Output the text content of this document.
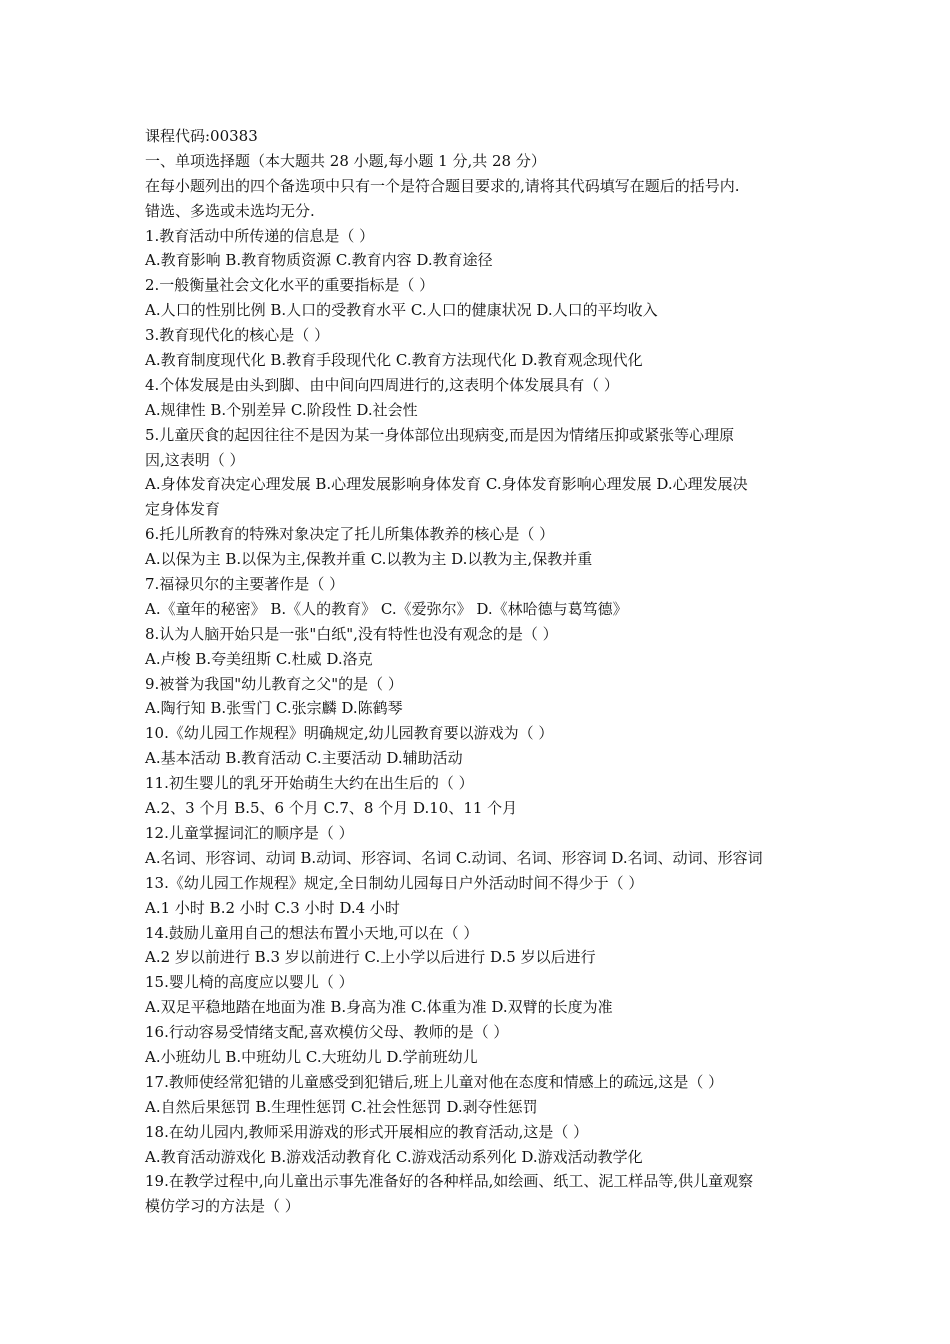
课程代码:00383
一、单项选择题（本大题共 28 小题,每小题 1 分,共 28 分）
在每小题列出的四个备选项中只有一个是符合题目要求的,请将其代码填写在题后的括号内.
错选、多选或未选均无分.
1.教育活动中所传递的信息是（ ）
A.教育影响 B.教育物质资源 C.教育内容 D.教育途径
2.一般衡量社会文化水平的重要指标是（ ）
A.人口的性别比例 B.人口的受教育水平 C.人口的健康状况 D.人口的平均收入
3.教育现代化的核心是（ ）
A.教育制度现代化 B.教育手段现代化 C.教育方法现代化 D.教育观念现代化
4.个体发展是由头到脚、由中间向四周进行的,这表明个体发展具有（ ）
A.规律性 B.个别差异 C.阶段性 D.社会性
5.儿童厌食的起因往往不是因为某一身体部位出现病变,而是因为情绪压抑或紧张等心理原
因,这表明（ ）
A.身体发育决定心理发展 B.心理发展影响身体发育 C.身体发育影响心理发展 D.心理发展决
定身体发育
6.托儿所教育的特殊对象决定了托儿所集体教养的核心是（ ）
A.以保为主 B.以保为主,保教并重 C.以教为主 D.以教为主,保教并重
7.福禄贝尔的主要著作是（ ）
A.《童年的秘密》 B.《人的教育》 C.《爱弥尔》 D.《林哈德与葛笃德》
8.认为人脑开始只是一张"白纸",没有特性也没有观念的是（ ）
A.卢梭 B.夸美纽斯 C.杜威 D.洛克
9.被誉为我国"幼儿教育之父"的是（ ）
A.陶行知 B.张雪门 C.张宗麟 D.陈鹤琴
10.《幼儿园工作规程》明确规定,幼儿园教育要以游戏为（ ）
A.基本活动 B.教育活动 C.主要活动 D.辅助活动
11.初生婴儿的乳牙开始萌生大约在出生后的（ ）
A.2、3 个月 B.5、6 个月 C.7、8 个月 D.10、11 个月
12.儿童掌握词汇的顺序是（ ）
A.名词、形容词、动词 B.动词、形容词、名词 C.动词、名词、形容词 D.名词、动词、形容词
13.《幼儿园工作规程》规定,全日制幼儿园每日户外活动时间不得少于（ ）
A.1 小时 B.2 小时 C.3 小时 D.4 小时
14.鼓励儿童用自己的想法布置小天地,可以在（ ）
A.2 岁以前进行 B.3 岁以前进行 C.上小学以后进行 D.5 岁以后进行
15.婴儿椅的高度应以婴儿（ ）
A.双足平稳地踏在地面为准 B.身高为准 C.体重为准 D.双臂的长度为准
16.行动容易受情绪支配,喜欢模仿父母、教师的是（ ）
A.小班幼儿 B.中班幼儿 C.大班幼儿 D.学前班幼儿
17.教师使经常犯错的儿童感受到犯错后,班上儿童对他在态度和情感上的疏远,这是（ ）
A.自然后果惩罚 B.生理性惩罚 C.社会性惩罚 D.剥夺性惩罚
18.在幼儿园内,教师采用游戏的形式开展相应的教育活动,这是（ ）
A.教育活动游戏化 B.游戏活动教育化 C.游戏活动系列化 D.游戏活动教学化
19.在教学过程中,向儿童出示事先准备好的各种样品,如绘画、纸工、泥工样品等,供儿童观察
模仿学习的方法是（ ）
